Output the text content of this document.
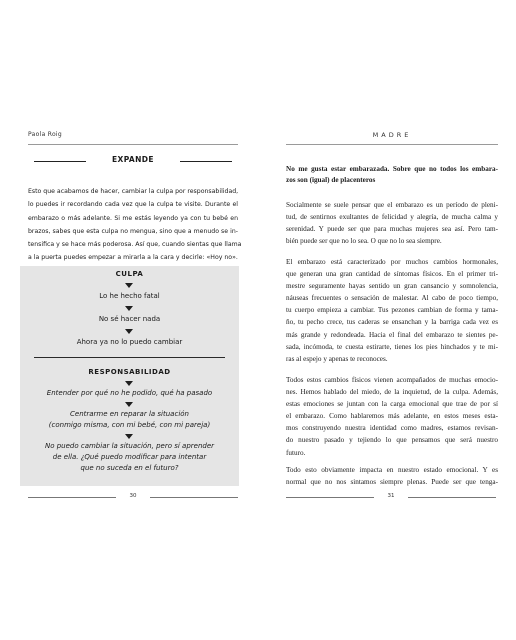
Paola Roig
EXPANDE
Esto que acabamos de hacer, cambiar la culpa por responsabilidad,
lo puedes ir recordando cada vez que la culpa te visite. Durante el
embarazo o más adelante. Si me estás leyendo ya con tu bebé en
brazos, sabes que esta culpa no mengua, sino que a menudo se in-
tensifica y se hace más poderosa. Así que, cuando sientas que llama
a la puerta puedes empezar a mirarla a la cara y decirle: «Hoy no».
CULPA
Lo he hecho fatal
No sé hacer nada
Ahora ya no lo puedo cambiar
RESPONSABILIDAD
Entender por qué no he podido, qué ha pasado
Centrarme en reparar la situación
(conmigo misma, con mi bebé, con mi pareja)
No puedo cambiar la situación, pero sí aprender
de ella. ¿Qué puedo modificar para intentar
que no suceda en el futuro?
30
MADRE
No me gusta estar embarazada. Sobre que no todos los embara-
zos son (igual) de placenteros
Socialmente se suele pensar que el embarazo es un período de pleni-
tud, de sentirnos exultantes de felicidad y alegría, de mucha calma y
serenidad. Y puede ser que para muchas mujeres sea así. Pero tam-
bién puede ser que no lo sea. O que no lo sea siempre.
El embarazo está caracterizado por muchos cambios hormonales,
que generan una gran cantidad de síntomas físicos. En el primer tri-
mestre seguramente hayas sentido un gran cansancio y somnolencia,
náuseas frecuentes o sensación de malestar. Al cabo de poco tiempo,
tu cuerpo empieza a cambiar. Tus pezones cambian de forma y tama-
ño, tu pecho crece, tus caderas se ensanchan y la barriga cada vez es
más grande y redondeada. Hacia el final del embarazo te sientes pe-
sada, incómoda, te cuesta estirarte, tienes los pies hinchados y te mi-
ras al espejo y apenas te reconoces.
Todos estos cambios físicos vienen acompañados de muchas emocio-
nes. Hemos hablado del miedo, de la inquietud, de la culpa. Además,
estas emociones se juntan con la carga emocional que trae de por sí
el embarazo. Como hablaremos más adelante, en estos meses esta-
mos construyendo nuestra identidad como madres, estamos revisan-
do nuestro pasado y tejiendo lo que pensamos que será nuestro
futuro.
Todo esto obviamente impacta en nuestro estado emocional. Y es
normal que no nos sintamos siempre plenas. Puede ser que tenga-
31
